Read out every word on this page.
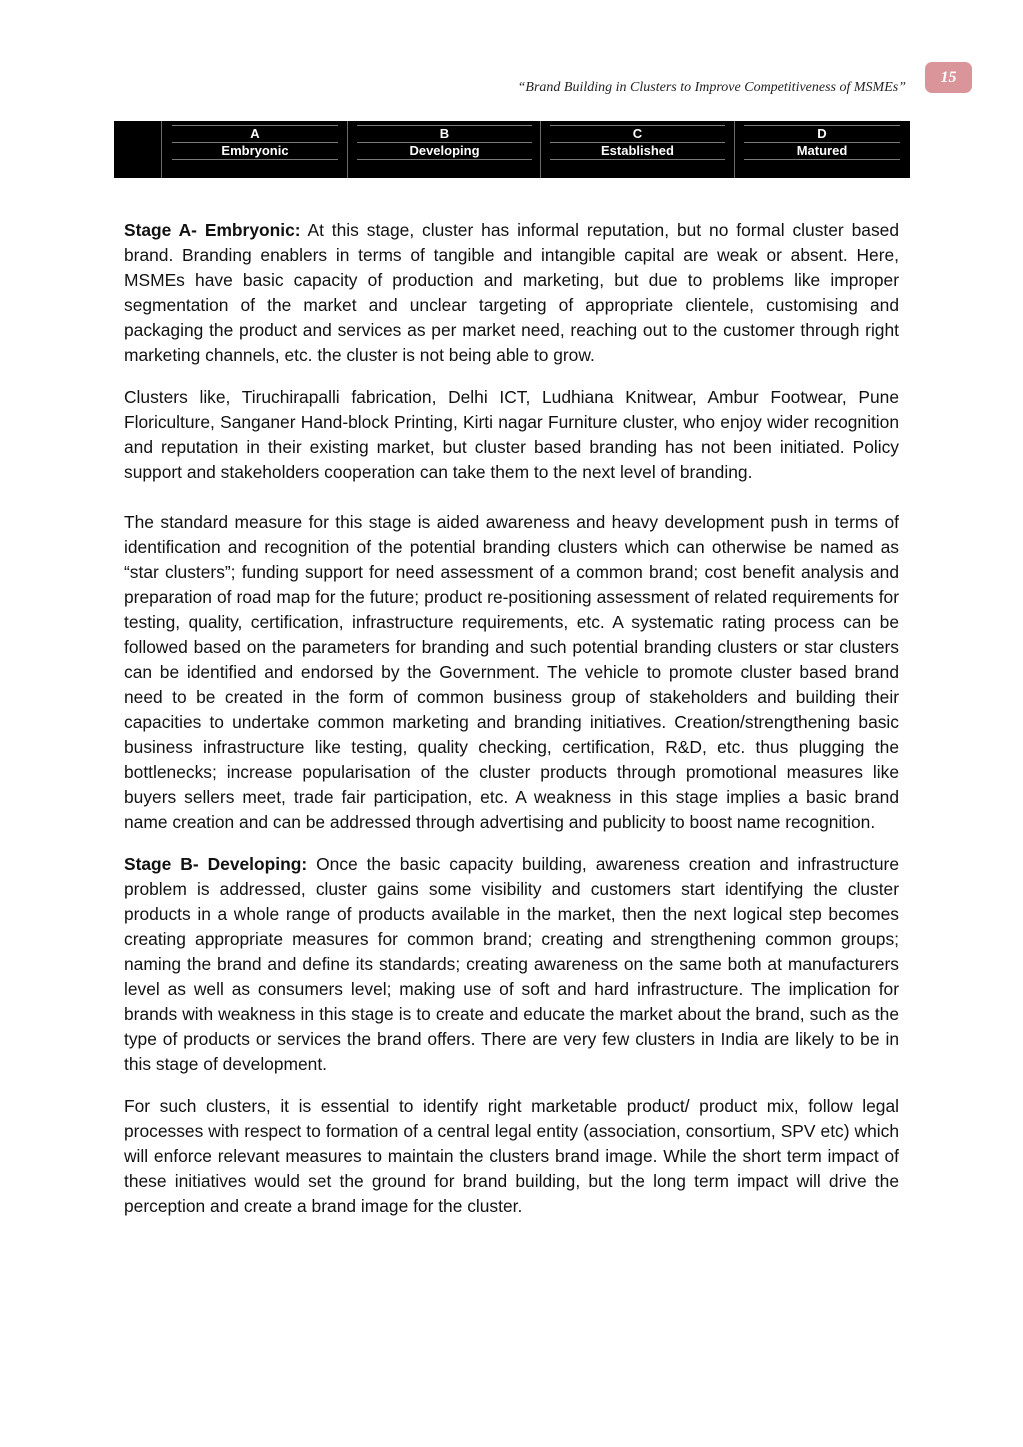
15
“Brand Building in Clusters to Improve Competitiveness of MSMEs”
A
Embryonic
B
Developing
C
Established
D
Matured

Stage A- Embryonic: At this stage, cluster has informal reputation, but no formal cluster based brand. Branding enablers in terms of tangible and intangible capital are weak or absent. Here, MSMEs have basic capacity of production and marketing, but due to problems like improper segmentation of the market and unclear targeting of appropriate clientele, customising and packaging the product and services as per market need, reaching out to the customer through right marketing channels, etc. the cluster is not being able to grow.

Clusters like, Tiruchirapalli fabrication, Delhi ICT, Ludhiana Knitwear, Ambur Footwear, Pune Floriculture, Sanganer Hand-block Printing, Kirti nagar Furniture cluster, who enjoy wider recognition and reputation in their existing market, but cluster based branding has not been initiated. Policy support and stakeholders cooperation can take them to the next level of branding.

The standard measure for this stage is aided awareness and heavy development push in terms of identification and recognition of the potential branding clusters which can otherwise be named as “star clusters”; funding support for need assessment of a common brand; cost benefit analysis and preparation of road map for the future; product re-positioning assessment of related requirements for testing, quality, certification, infrastructure requirements, etc. A systematic rating process can be followed based on the parameters for branding and such potential branding clusters or star clusters can be identified and endorsed by the Government. The vehicle to promote cluster based brand need to be created in the form of common business group of stakeholders and building their capacities to undertake common marketing and branding initiatives. Creation/strengthening basic business infrastructure like testing, quality checking, certification, R&D, etc. thus plugging the bottlenecks; increase popularisation of the cluster products through promotional measures like buyers sellers meet, trade fair participation, etc. A weakness in this stage implies a basic brand name creation and can be addressed through advertising and publicity to boost name recognition.

Stage B- Developing: Once the basic capacity building, awareness creation and infrastructure problem is addressed, cluster gains some visibility and customers start identifying the cluster products in a whole range of products available in the market, then the next logical step becomes creating appropriate measures for common brand; creating and strengthening common groups; naming the brand and define its standards; creating awareness on the same both at manufacturers level as well as consumers level; making use of soft and hard infrastructure. The implication for brands with weakness in this stage is to create and educate the market about the brand, such as the type of products or services the brand offers. There are very few clusters in India are likely to be in this stage of development.

For such clusters, it is essential to identify right marketable product/ product mix, follow legal processes with respect to formation of a central legal entity (association, consortium, SPV etc) which will enforce relevant measures to maintain the clusters brand image. While the short term impact of these initiatives would set the ground for brand building, but the long term impact will drive the perception and create a brand image for the cluster.
